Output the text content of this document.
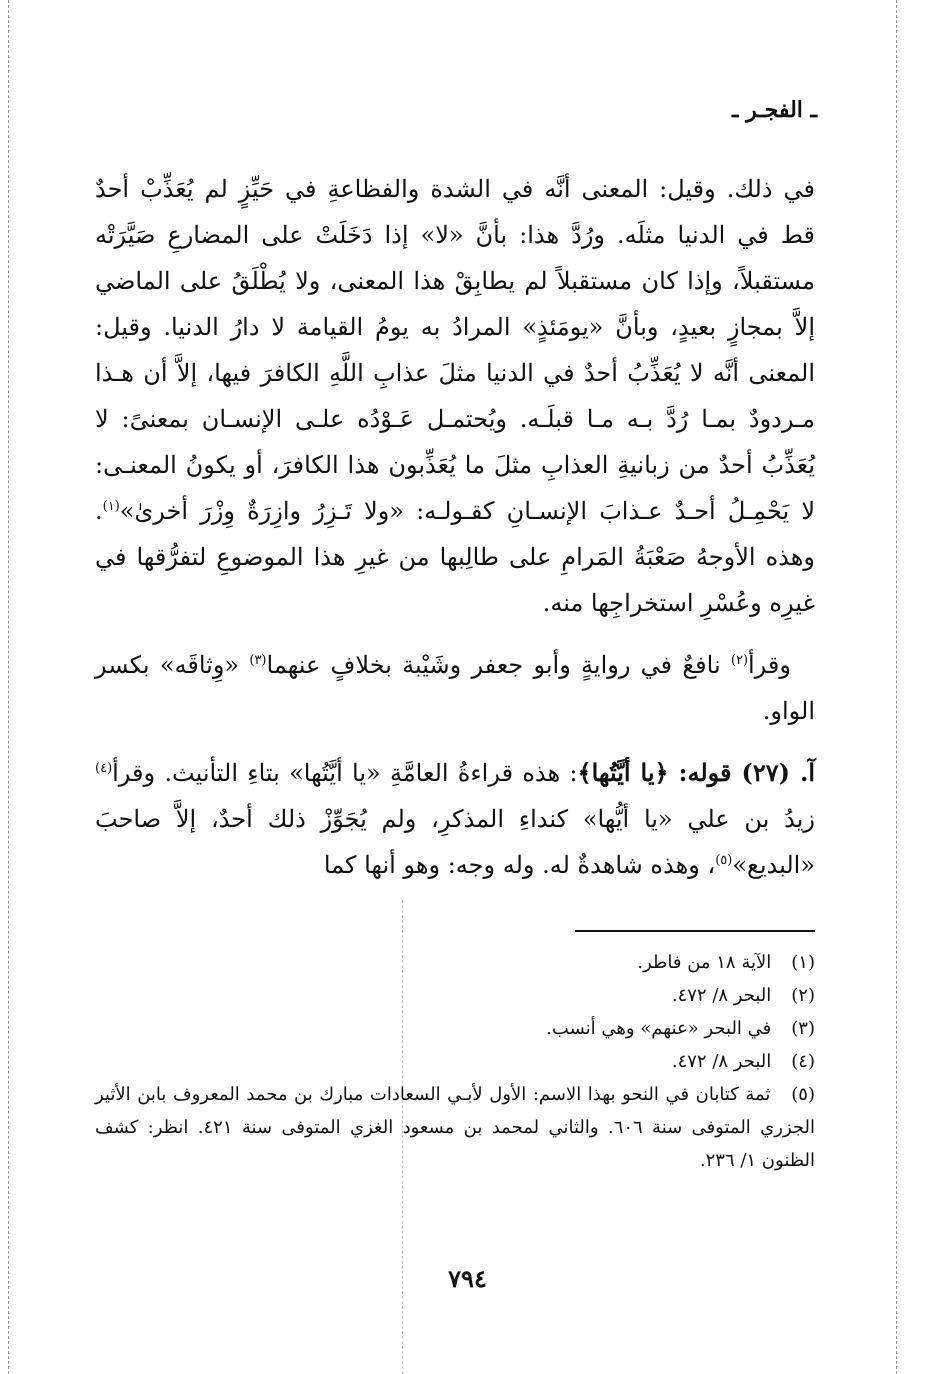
ـ الفجـر ـ

في ذلك. وقيل: المعنى أنَّه في الشدة والفظاعةِ في حَيِّزٍ لم يُعَذِّبْ أحدٌ قط في الدنيا مثلَه. ورُدَّ هذا: بأنَّ «لا» إذا دَخَلَتْ على المضارعِ صَيَّرَتْه مستقبلاً، وإذا كان مستقبلاً لم يطابِقْ هذا المعنى، ولا يُطْلَقُ على الماضي إلاَّ بمجازٍ بعيدٍ، وبأنَّ «يومَئذٍ» المرادُ به يومُ القيامة لا دارُ الدنيا. وقيل: المعنى أنَّه لا يُعَذِّبُ أحدٌ في الدنيا مثلَ عذابِ اللَّهِ الكافرَ فيها، إلاَّ أن هـذا مـردودٌ بمـا رُدَّ بـه مـا قبلَـه. ويُحتمـل عَـوْدُه علـى الإنسـان بمعنىً: لا يُعَذِّبُ أحدٌ من زبانيةِ العذابِ مثلَ ما يُعَذِّبون هذا الكافرَ، أو يكونُ المعنـى: لا يَحْمِـلُ أحـدٌ عـذابَ الإنسـانِ كقـولـه: «ولا تَـزِرُ وازِرَةٌ وِزْرَ أخرىٰ»$^{(١)}$. وهذه الأوجهُ صَعْبَةُ المَرامِ على طالِبها من غيرِ هذا الموضوعِ لتفرُّقها في غيرِه وعُسْرِ استخراجِها منه.

وقرأ$^{(٢)}$ نافعٌ في روايةٍ وأبو جعفر وشَيْبة بخلافٍ عنهما$^{(٣)}$ «وِثاقَه» بكسر الواو.

آ. (٢٧) قوله: ﴿يا أيَّتُها﴾: هذه قراءةُ العامَّةِ «يا أيَّتُها» بتاءِ التأنيث. وقرأ$^{(٤)}$ زيدُ بن علي «يا أيُّها» كنداءِ المذكرِ، ولم يُجَوِّزْ ذلك أحدٌ، إلاَّ صاحبَ «البديع»$^{(٥)}$، وهذه شاهدةٌ له. وله وجه: وهو أنها كما

(١) الآية ١٨ من فاطر.

(٢) البحر ٨/ ٤٧٢.

(٣) في البحر «عنهم» وهي أنسب.

(٤) البحر ٨/ ٤٧٢.

(٥) ثمة كتابان في النحو بهذا الاسم: الأول لأبـي السعادات مبارك بن محمد المعروف بابن الأثير الجزري المتوفى سنة ٦٠٦. والثاني لمحمد بن مسعود الغزي المتوفى سنة ٤٢١. انظر: كشف الظنون ١/ ٢٣٦.

٧٩٤
